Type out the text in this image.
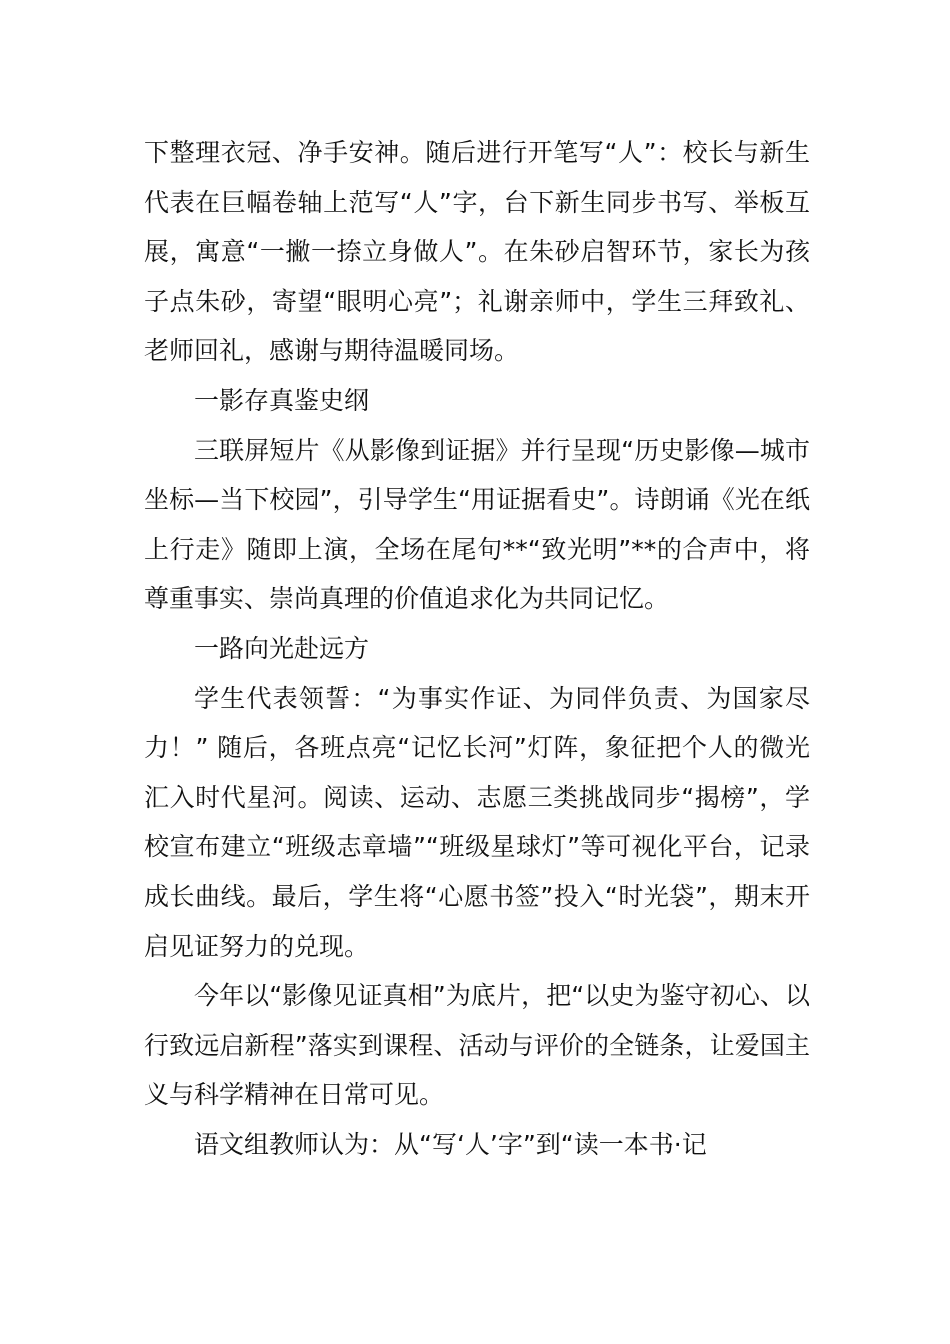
下整理衣冠、净手安神。随后进行开笔写“人”：校长与新生代表在巨幅卷轴上范写“人”字，台下新生同步书写、举板互展，寓意“一撇一捺立身做人”。在朱砂启智环节，家长为孩子点朱砂，寄望“眼明心亮”；礼谢亲师中，学生三拜致礼、老师回礼，感谢与期待温暖同场。

一影存真鉴史纲

三联屏短片《从影像到证据》并行呈现“历史影像—城市坐标—当下校园”，引导学生“用证据看史”。诗朗诵《光在纸上行走》随即上演，全场在尾句**“致光明”**的合声中，将尊重事实、崇尚真理的价值追求化为共同记忆。

一路向光赴远方

学生代表领誓：“为事实作证、为同伴负责、为国家尽力！” 随后，各班点亮“记忆长河”灯阵，象征把个人的微光汇入时代星河。阅读、运动、志愿三类挑战同步“揭榜”，学校宣布建立“班级志章墙”“班级星球灯”等可视化平台，记录成长曲线。最后，学生将“心愿书签”投入“时光袋”，期末开启见证努力的兑现。

今年以“影像见证真相”为底片，把“以史为鉴守初心、以行致远启新程”落实到课程、活动与评价的全链条，让爱国主义与科学精神在日常可见。

语文组教师认为：从“写‘人’字”到“读一本书·记
